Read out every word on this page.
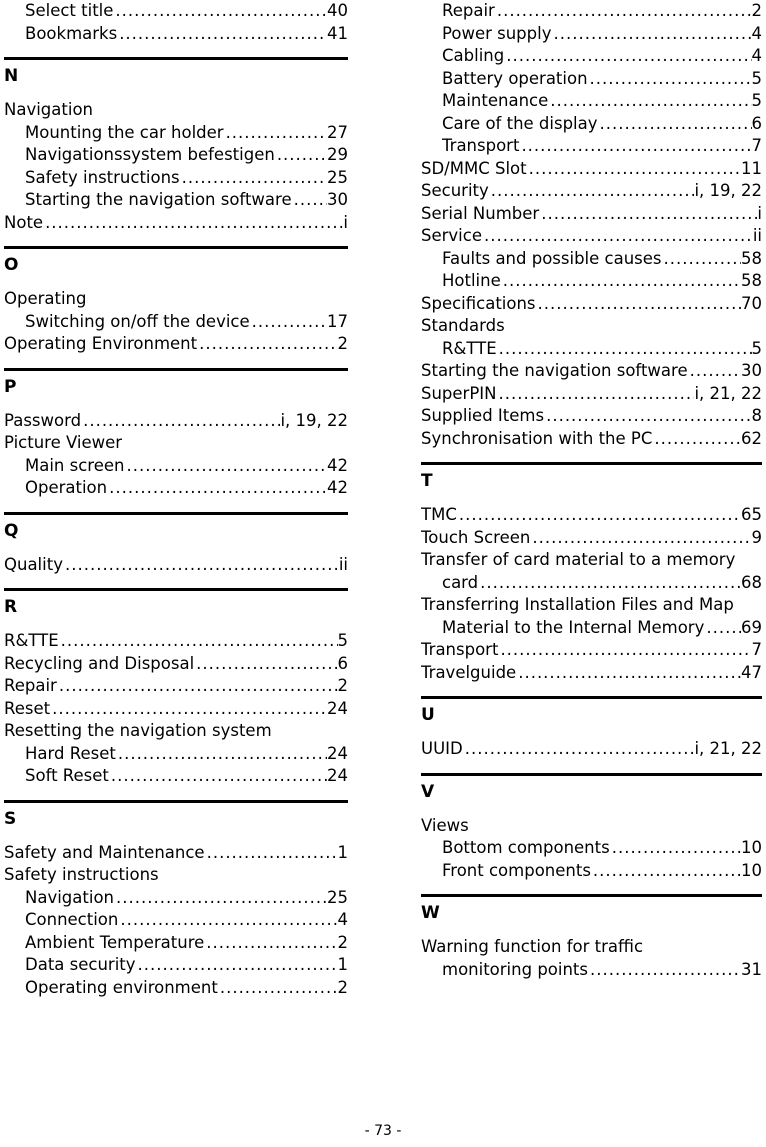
Select title .....	40
Bookmarks .....	41
N
Navigation
Mounting the car holder .....	27
Navigationssystem befestigen .....	29
Safety instructions .....	25
Starting the navigation software ..... 30
Note .....	i
O
Operating
Switching on/off the device .....	17
Operating Environment .....	2
P
Password .....	i, 19, 22
Picture Viewer
Main screen .....	42
Operation .....	42
Q
Quality .....	ii
R
R&TTE .....	5
Recycling and Disposal .....	6
Repair .....	2
Reset .....	24
Resetting the navigation system
Hard Reset .....	24
Soft Reset .....	24
S
Safety and Maintenance .....	1
Safety instructions
Navigation .....	25
Connection .....	4
Ambient Temperature .....	2
Data security .....	1
Operating environment .....	2
Repair .....	2
Power supply .....	4
Cabling .....	4
Battery operation .....	5
Maintenance .....	5
Care of the display .....	6
Transport .....	7
SD/MMC Slot .....	11
Security .....	i, 19, 22
Serial Number .....	i
Service .....	ii
Faults and possible causes .....	58
Hotline .....	58
Specifications .....	70
Standards
R&TTE .....	5
Starting the navigation software .....	30
SuperPIN .....	i, 21, 22
Supplied Items .....	8
Synchronisation with the PC .....	62
T
TMC .....	65
Touch Screen .....	9
Transfer of card material to a memory
card .....	68
Transferring Installation Files and Map
Material to the Internal Memory ..... 69
Transport .....	7
Travelguide .....	47
U
UUID .....	i, 21, 22
V
Views
Bottom components .....	10
Front components .....	10
W
Warning function for traffic
monitoring points .....	31
- 73 -
